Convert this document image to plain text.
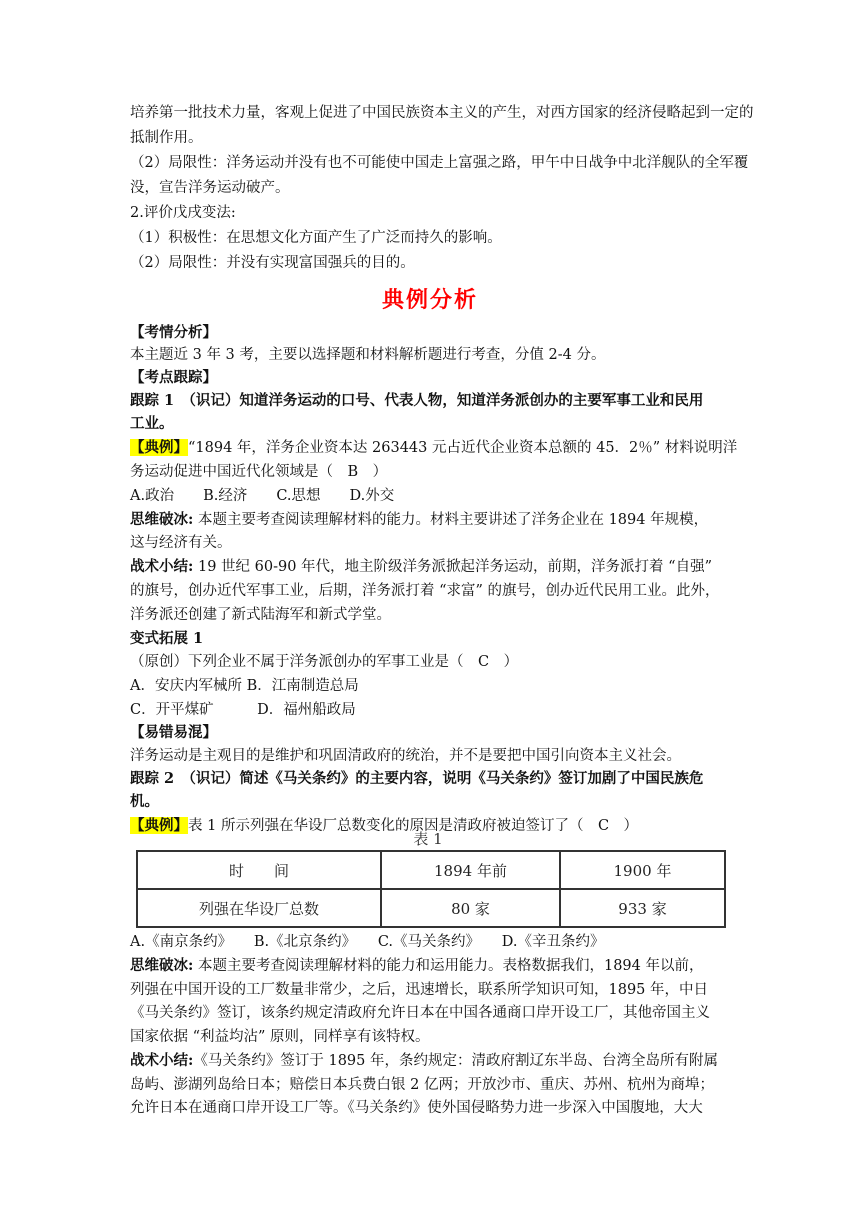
培养第一批技术力量，客观上促进了中国民族资本主义的产生，对西方国家的经济侵略起到一定的

抵制作用。

（2）局限性：洋务运动并没有也不可能使中国走上富强之路，甲午中日战争中北洋舰队的全军覆

没，宣告洋务运动破产。

2.评价戊戌变法:

（1）积极性：在思想文化方面产生了广泛而持久的影响。

（2）局限性：并没有实现富国强兵的目的。

典例分析

【考情分析】

本主题近 3 年 3 考，主要以选择题和材料解析题进行考查，分值 2-4 分。

【考点跟踪】

跟踪 1　（识记）知道洋务运动的口号、代表人物，知道洋务派创办的主要军事工业和民用

工业。

【典例】“1894 年，洋务企业资本达 263443 元占近代企业资本总额的 45．2％” 材料说明洋

务运动促进中国近代化领域是（　B　）

A.政治　　B.经济　　C.思想　　D.外交

思维破冰: 本题主要考查阅读理解材料的能力。材料主要讲述了洋务企业在 1894 年规模，

这与经济有关。

战术小结: 19 世纪 60-90 年代，地主阶级洋务派掀起洋务运动，前期，洋务派打着 “自强”

的旗号，创办近代军事工业，后期，洋务派打着 “求富” 的旗号，创办近代民用工业。此外，

洋务派还创建了新式陆海军和新式学堂。

变式拓展 1

（原创）下列企业不属于洋务派创办的军事工业是（　C　）

A．安庆内军械所 B．江南制造总局

C．开平煤矿　　　D．福州船政局

【易错易混】

洋务运动是主观目的是维护和巩固清政府的统治，并不是要把中国引向资本主义社会。

跟踪 2　（识记）简述《马关条约》的主要内容，说明《马关条约》签订加剧了中国民族危

机。

【典例】表 1 所示列强在华设厂总数变化的原因是清政府被迫签订了（　C　）

表 1
时　　间	1894 年前	1900 年
列强在华设厂总数	80 家	933 家

A.《南京条约》　　B.《北京条约》　　C.《马关条约》　　D.《辛丑条约》

思维破冰: 本题主要考查阅读理解材料的能力和运用能力。表格数据我们，1894 年以前，

列强在中国开设的工厂数量非常少，之后，迅速增长，联系所学知识可知，1895 年，中日

《马关条约》签订，该条约规定清政府允许日本在中国各通商口岸开设工厂，其他帝国主义

国家依据 “利益均沾” 原则，同样享有该特权。

战术小结:《马关条约》签订于 1895 年，条约规定：清政府割辽东半岛、台湾全岛所有附属

岛屿、澎湖列岛给日本；赔偿日本兵费白银 2 亿两；开放沙市、重庆、苏州、杭州为商埠；

允许日本在通商口岸开设工厂等。《马关条约》使外国侵略势力进一步深入中国腹地，大大
